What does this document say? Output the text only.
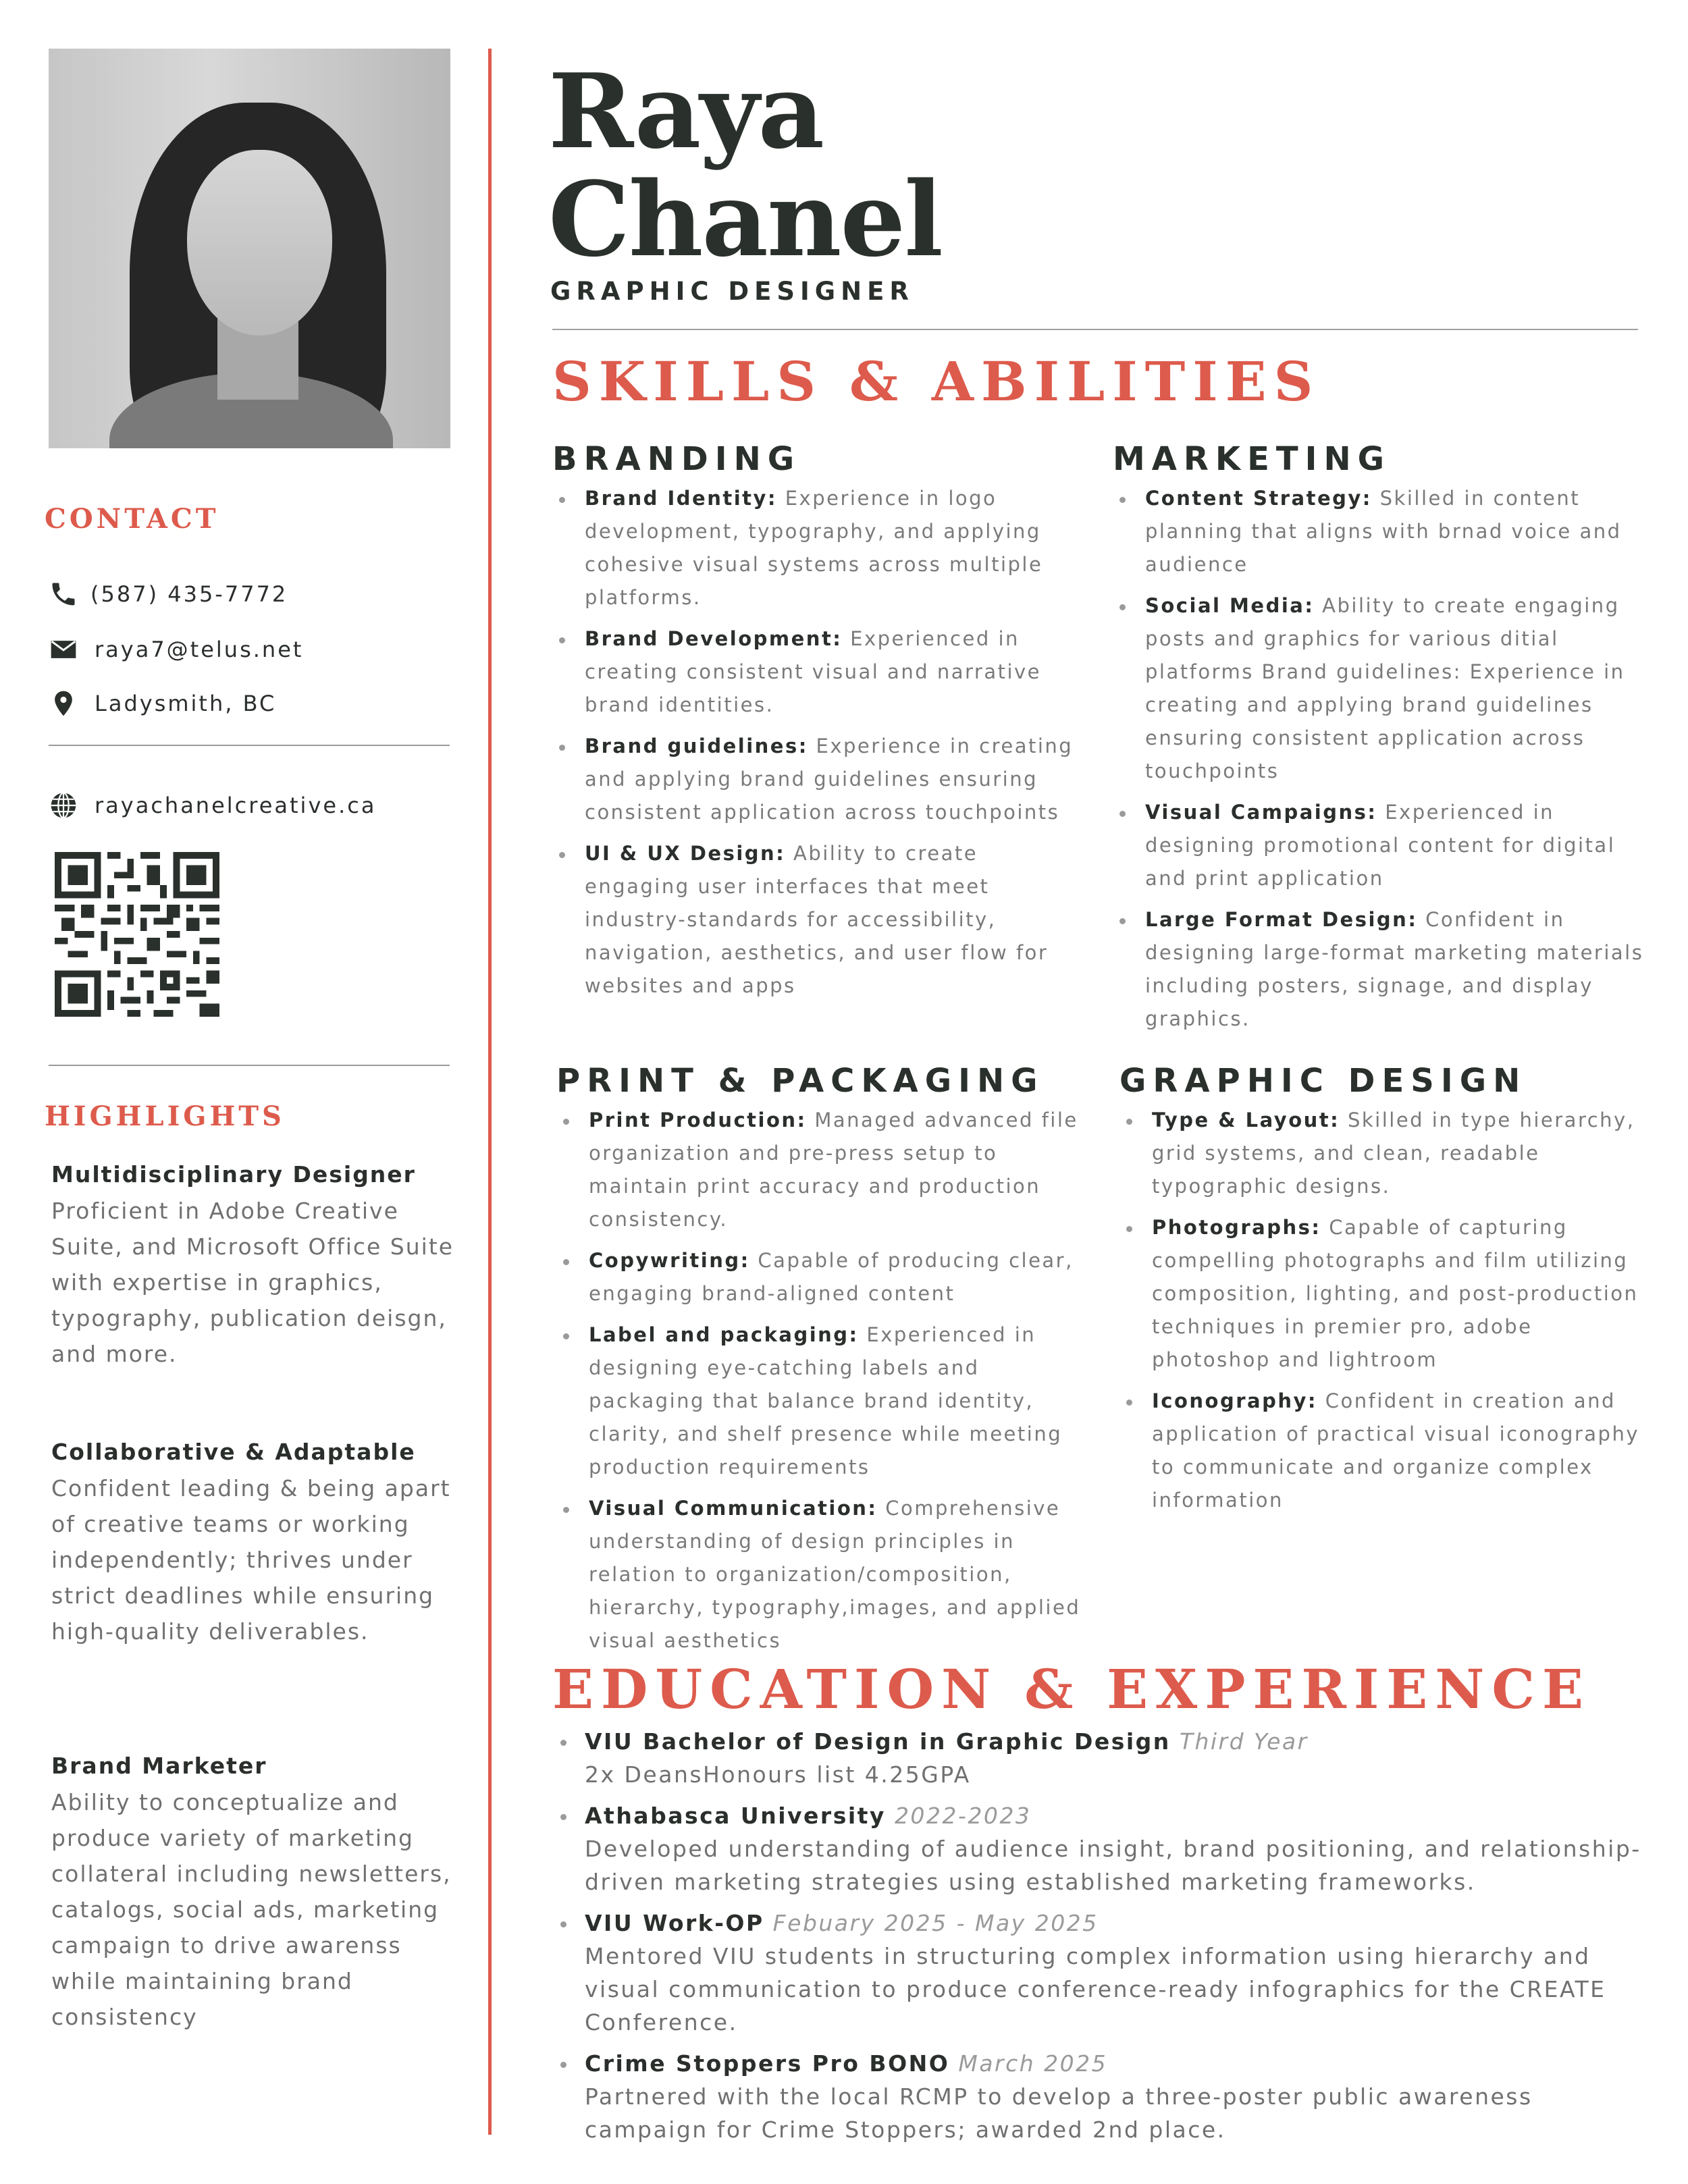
CONTACT
(587) 435-7772
raya7@telus.net
Ladysmith, BC
rayachanelcreative.ca
HIGHLIGHTS
Multidisciplinary Designer
Proficient in Adobe Creative Suite, and Microsoft Office Suite with expertise in graphics, typography, publication deisgn, and more.
Collaborative & Adaptable
Confident leading & being apart of creative teams or working independently; thrives under strict deadlines while ensuring high-quality deliverables.
Brand Marketer
Ability to conceptualize and produce variety of marketing collateral including newsletters, catalogs, social ads, marketing campaign to drive awarenss while maintaining brand consistency
Raya
Chanel
GRAPHIC DESIGNER
SKILLS & ABILITIES
BRANDING
Brand Identity: Experience in logo development, typography, and applying cohesive visual systems across multiple platforms.
Brand Development: Experienced in creating consistent visual and narrative brand identities.
Brand guidelines: Experience in creating and applying brand guidelines ensuring consistent application across touchpoints
UI & UX Design: Ability to create engaging user interfaces that meet industry-standards for accessibility, navigation, aesthetics, and user flow for websites and apps
MARKETING
Content Strategy: Skilled in content planning that aligns with brnad voice and audience
Social Media: Ability to create engaging posts and graphics for various ditial platforms Brand guidelines: Experience in creating and applying brand guidelines ensuring consistent application across touchpoints
Visual Campaigns: Experienced in designing promotional content for digital and print application
Large Format Design: Confident in designing large-format marketing materials including posters, signage, and display graphics.
PRINT & PACKAGING
Print Production: Managed advanced file organization and pre-press setup to maintain print accuracy and production consistency.
Copywriting: Capable of producing clear, engaging brand-aligned content
Label and packaging: Experienced in designing eye-catching labels and packaging that balance brand identity, clarity, and shelf presence while meeting production requirements
Visual Communication: Comprehensive understanding of design principles in relation to organization/composition, hierarchy, typography,images, and applied visual aesthetics
GRAPHIC DESIGN
Type & Layout: Skilled in type hierarchy, grid systems, and clean, readable typographic designs.
Photographs: Capable of capturing compelling photographs and film utilizing composition, lighting, and post-production techniques in premier pro, adobe photoshop and lightroom
Iconography: Confident in creation and application of practical visual iconography to communicate and organize complex information
EDUCATION & EXPERIENCE
VIU Bachelor of Design in Graphic Design Third Year
2x DeansHonours list 4.25GPA
Athabasca University 2022-2023
Developed understanding of audience insight, brand positioning, and relationship-driven marketing strategies using established marketing frameworks.
VIU Work-OP Febuary 2025 - May 2025
Mentored VIU students in structuring complex information using hierarchy and visual communication to produce conference-ready infographics for the CREATE Conference.
Crime Stoppers Pro BONO March 2025
Partnered with the local RCMP to develop a three-poster public awareness campaign for Crime Stoppers; awarded 2nd place.
